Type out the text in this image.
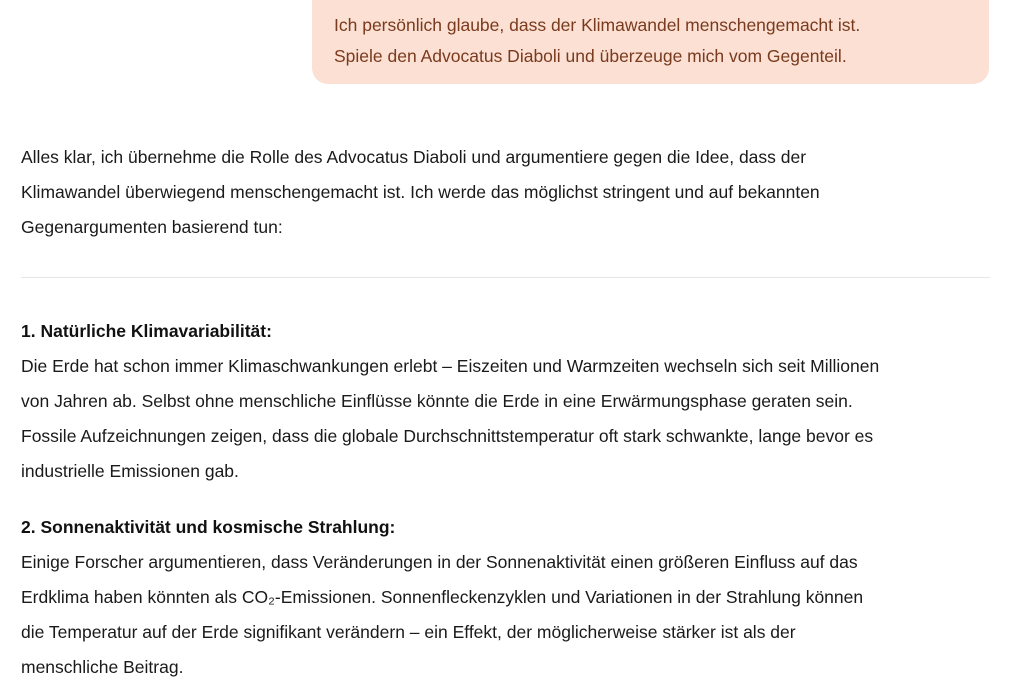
Ich persönlich glaube, dass der Klimawandel menschengemacht ist.
Spiele den Advocatus Diaboli und überzeuge mich vom Gegenteil.
Alles klar, ich übernehme die Rolle des Advocatus Diaboli und argumentiere gegen die Idee, dass der
Klimawandel überwiegend menschengemacht ist. Ich werde das möglichst stringent und auf bekannten
Gegenargumenten basierend tun:
1. Natürliche Klimavariabilität:
Die Erde hat schon immer Klimaschwankungen erlebt – Eiszeiten und Warmzeiten wechseln sich seit Millionen
von Jahren ab. Selbst ohne menschliche Einflüsse könnte die Erde in eine Erwärmungsphase geraten sein.
Fossile Aufzeichnungen zeigen, dass die globale Durchschnittstemperatur oft stark schwankte, lange bevor es
industrielle Emissionen gab.
2. Sonnenaktivität und kosmische Strahlung:
Einige Forscher argumentieren, dass Veränderungen in der Sonnenaktivität einen größeren Einfluss auf das
Erdklima haben könnten als CO₂-Emissionen. Sonnenfleckenzyklen und Variationen in der Strahlung können
die Temperatur auf der Erde signifikant verändern – ein Effekt, der möglicherweise stärker ist als der
menschliche Beitrag.
